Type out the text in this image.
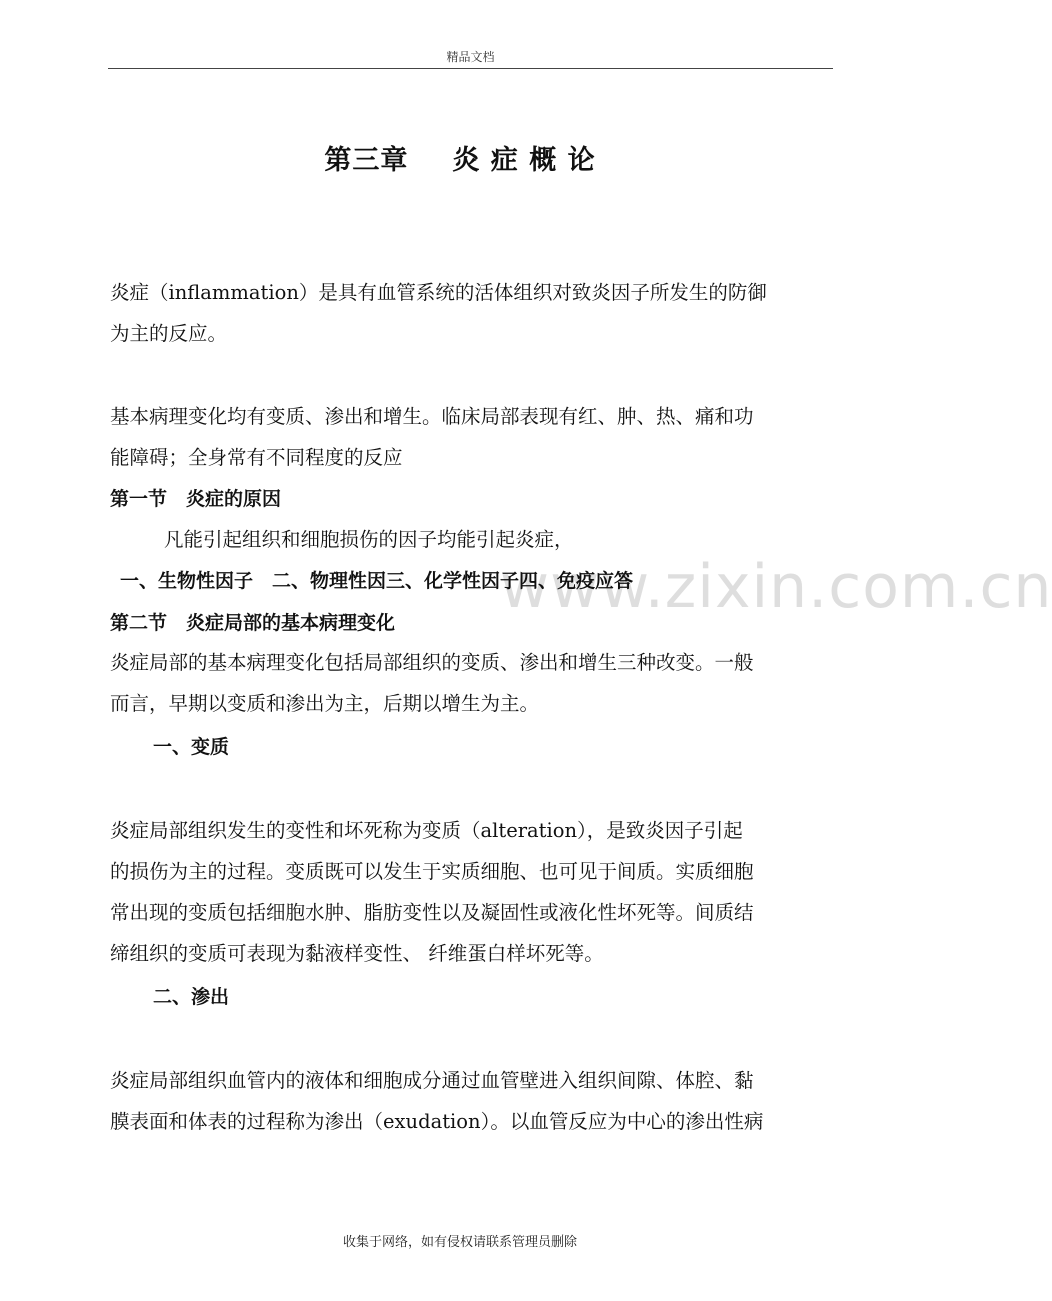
精品文档
www.zixin.com.cn
第三章 炎 症 概 论
炎症（inflammation）是具有血管系统的活体组织对致炎因子所发生的防御
为主的反应。
基本病理变化均有变质、渗出和增生。临床局部表现有红、肿、热、痛和功
能障碍；全身常有不同程度的反应
第一节　炎症的原因
凡能引起组织和细胞损伤的因子均能引起炎症，
一、生物性因子　二、物理性因三、化学性因子四、免疫应答
第二节　炎症局部的基本病理变化
炎症局部的基本病理变化包括局部组织的变质、渗出和增生三种改变。一般
而言，早期以变质和渗出为主，后期以增生为主。
一、变质
炎症局部组织发生的变性和坏死称为变质（alteration），是致炎因子引起
的损伤为主的过程。变质既可以发生于实质细胞、也可见于间质。实质细胞
常出现的变质包括细胞水肿、脂肪变性以及凝固性或液化性坏死等。间质结
缔组织的变质可表现为黏液样变性、 纤维蛋白样坏死等。
二、渗出
炎症局部组织血管内的液体和细胞成分通过血管壁进入组织间隙、体腔、黏
膜表面和体表的过程称为渗出（exudation）。以血管反应为中心的渗出性病
收集于网络，如有侵权请联系管理员删除
